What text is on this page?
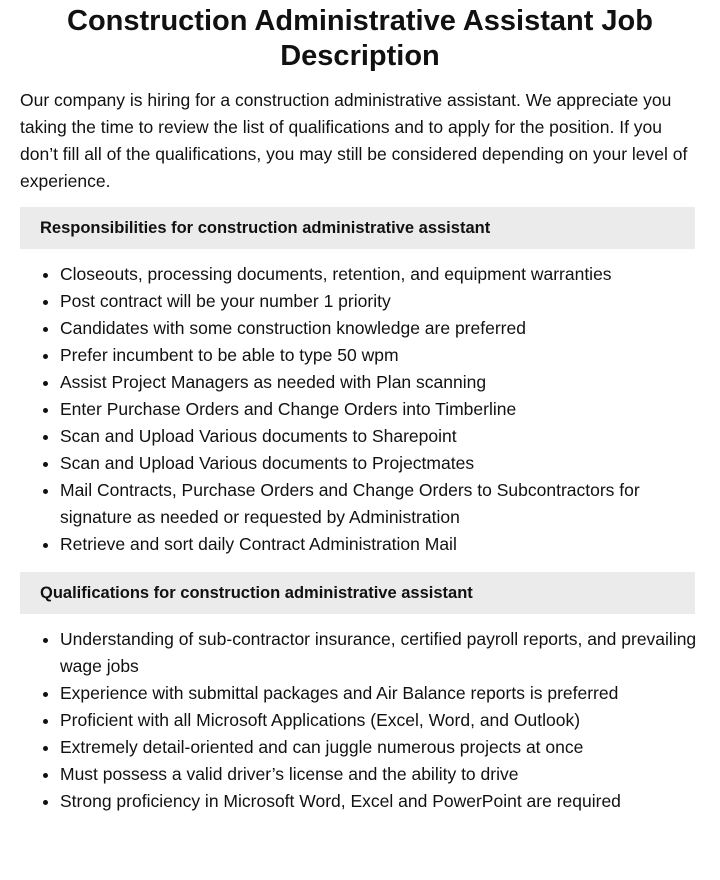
Construction Administrative Assistant Job Description

Our company is hiring for a construction administrative assistant. We appreciate you taking the time to review the list of qualifications and to apply for the position. If you don’t fill all of the qualifications, you may still be considered depending on your level of experience.

Responsibilities for construction administrative assistant
• Closeouts, processing documents, retention, and equipment warranties
• Post contract will be your number 1 priority
• Candidates with some construction knowledge are preferred
• Prefer incumbent to be able to type 50 wpm
• Assist Project Managers as needed with Plan scanning
• Enter Purchase Orders and Change Orders into Timberline
• Scan and Upload Various documents to Sharepoint
• Scan and Upload Various documents to Projectmates
• Mail Contracts, Purchase Orders and Change Orders to Subcontractors for signature as needed or requested by Administration
• Retrieve and sort daily Contract Administration Mail
Qualifications for construction administrative assistant
• Understanding of sub-contractor insurance, certified payroll reports, and prevailing wage jobs
• Experience with submittal packages and Air Balance reports is preferred
• Proficient with all Microsoft Applications (Excel, Word, and Outlook)
• Extremely detail-oriented and can juggle numerous projects at once
• Must possess a valid driver’s license and the ability to drive
• Strong proficiency in Microsoft Word, Excel and PowerPoint are required
